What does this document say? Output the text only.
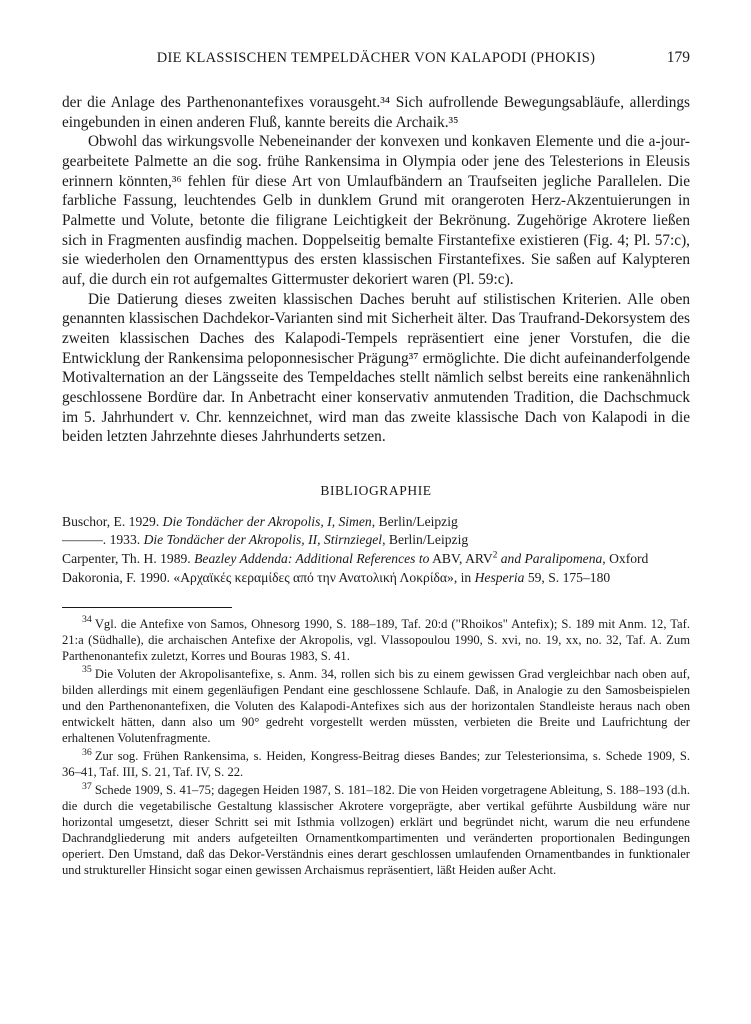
DIE KLASSISCHEN TEMPELDÄCHER VON KALAPODI (PHOKIS)	179

der die Anlage des Parthenonantefixes vorausgeht.³⁴ Sich aufrollende Bewegungsabläufe, allerdings eingebunden in einen anderen Fluß, kannte bereits die Archaik.³⁵

Obwohl das wirkungsvolle Nebeneinander der konvexen und konkaven Elemente und die a-jour-gearbeitete Palmette an die sog. frühe Rankensima in Olympia oder jene des Telesterions in Eleusis erinnern könnten,³⁶ fehlen für diese Art von Umlaufbändern an Traufseiten jegliche Parallelen. Die farbliche Fassung, leuchtendes Gelb in dunklem Grund mit orangeroten Herz-Akzentuierungen in Palmette und Volute, betonte die filigrane Leichtigkeit der Bekrönung. Zugehörige Akrotere ließen sich in Fragmenten ausfindig machen. Doppelseitig bemalte Firstantefixe existieren (Fig. 4; Pl. 57:c), sie wiederholen den Ornamenttypus des ersten klassischen Firstantefixes. Sie saßen auf Kalypteren auf, die durch ein rot aufgemaltes Gittermuster dekoriert waren (Pl. 59:c).

Die Datierung dieses zweiten klassischen Daches beruht auf stilistischen Kriterien. Alle oben genannten klassischen Dachdekor-Varianten sind mit Sicherheit älter. Das Traufrand-Dekorsystem des zweiten klassischen Daches des Kalapodi-Tempels repräsentiert eine jener Vorstufen, die die Entwicklung der Rankensima peloponnesischer Prägung³⁷ ermöglichte. Die dicht aufeinanderfolgende Motivalternation an der Längsseite des Tempeldaches stellt nämlich selbst bereits eine rankenähnlich geschlossene Bordüre dar. In Anbetracht einer konservativ anmutenden Tradition, die Dachschmuck im 5. Jahrhundert v. Chr. kennzeichnet, wird man das zweite klassische Dach von Kalapodi in die beiden letzten Jahrzehnte dieses Jahrhunderts setzen.

BIBLIOGRAPHIE

Buschor, E. 1929. Die Tondächer der Akropolis, I, Simen, Berlin/Leipzig

———. 1933. Die Tondächer der Akropolis, II, Stirnziegel, Berlin/Leipzig

Carpenter, Th. H. 1989. Beazley Addenda: Additional References to ABV, ARV$^2$ and Paralipomena, Oxford

Dakoronia, F. 1990. «Αρχαϊκές κεραμίδες από την Ανατολική Λοκρίδα», in Hesperia 59, S. 175–180

$^{34}$ Vgl. die Antefixe von Samos, Ohnesorg 1990, S. 188–189, Taf. 20:d ("Rhoikos" Antefix); S. 189 mit Anm. 12, Taf. 21:a (Südhalle), die archaischen Antefixe der Akropolis, vgl. Vlassopoulou 1990, S. xvi, no. 19, xx, no. 32, Taf. A. Zum Parthenonantefix zuletzt, Korres und Bouras 1983, S. 41.

$^{35}$ Die Voluten der Akropolisantefixe, s. Anm. 34, rollen sich bis zu einem gewissen Grad vergleichbar nach oben auf, bilden allerdings mit einem gegenläufigen Pendant eine geschlossene Schlaufe. Daß, in Analogie zu den Samosbeispielen und den Parthenonantefixen, die Voluten des Kalapodi-Antefixes sich aus der horizontalen Standleiste heraus nach oben entwickelt hätten, dann also um 90° gedreht vorgestellt werden müssten, verbieten die Breite und Laufrichtung der erhaltenen Volutenfragmente.

$^{36}$ Zur sog. Frühen Rankensima, s. Heiden, Kongress-Beitrag dieses Bandes; zur Telesterionsima, s. Schede 1909, S. 36–41, Taf. III, S. 21, Taf. IV, S. 22.

$^{37}$ Schede 1909, S. 41–75; dagegen Heiden 1987, S. 181–182. Die von Heiden vorgetragene Ableitung, S. 188–193 (d.h. die durch die vegetabilische Gestaltung klassischer Akrotere vorgeprägte, aber vertikal geführte Ausbildung wäre nur horizontal umgesetzt, dieser Schritt sei mit Isthmia vollzogen) erklärt und begründet nicht, warum die neu erfundene Dachrandgliederung mit anders aufgeteilten Ornamentkompartimenten und veränderten proportionalen Bedingungen operiert. Den Umstand, daß das Dekor-Verständnis eines derart geschlossen umlaufenden Ornamentbandes in funktionaler und struktureller Hinsicht sogar einen gewissen Archaismus repräsentiert, läßt Heiden außer Acht.
